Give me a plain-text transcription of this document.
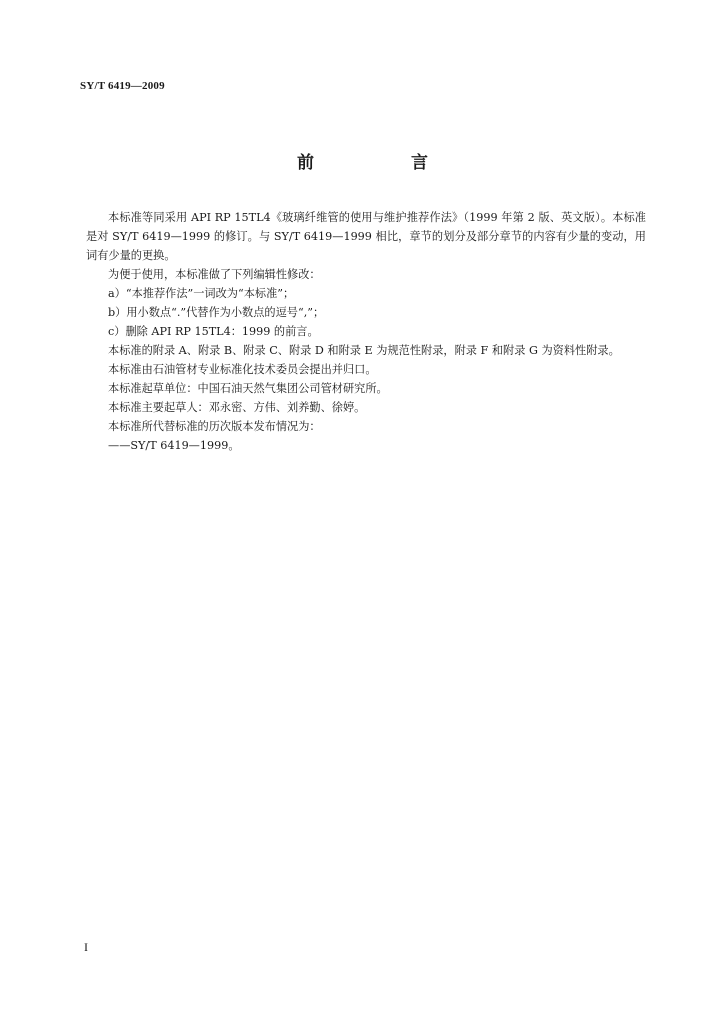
SY/T 6419—2009
前　言

本标准等同采用 API RP 15TL4《玻璃纤维管的使用与维护推荐作法》（1999 年第 2 版、英文版）。本标准是对 SY/T 6419—1999 的修订。与 SY/T 6419—1999 相比，章节的划分及部分章节的内容有少量的变动，用词有少量的更换。

为便于使用，本标准做了下列编辑性修改：

a）“本推荐作法”一词改为“本标准”；

b）用小数点“.”代替作为小数点的逗号“,”；

c）删除 API RP 15TL4：1999 的前言。

本标准的附录 A、附录 B、附录 C、附录 D 和附录 E 为规范性附录，附录 F 和附录 G 为资料性附录。

本标准由石油管材专业标准化技术委员会提出并归口。

本标准起草单位：中国石油天然气集团公司管材研究所。

本标准主要起草人：邓永密、方伟、刘养勤、徐婷。

本标准所代替标准的历次版本发布情况为：

——SY/T 6419—1999。

I
